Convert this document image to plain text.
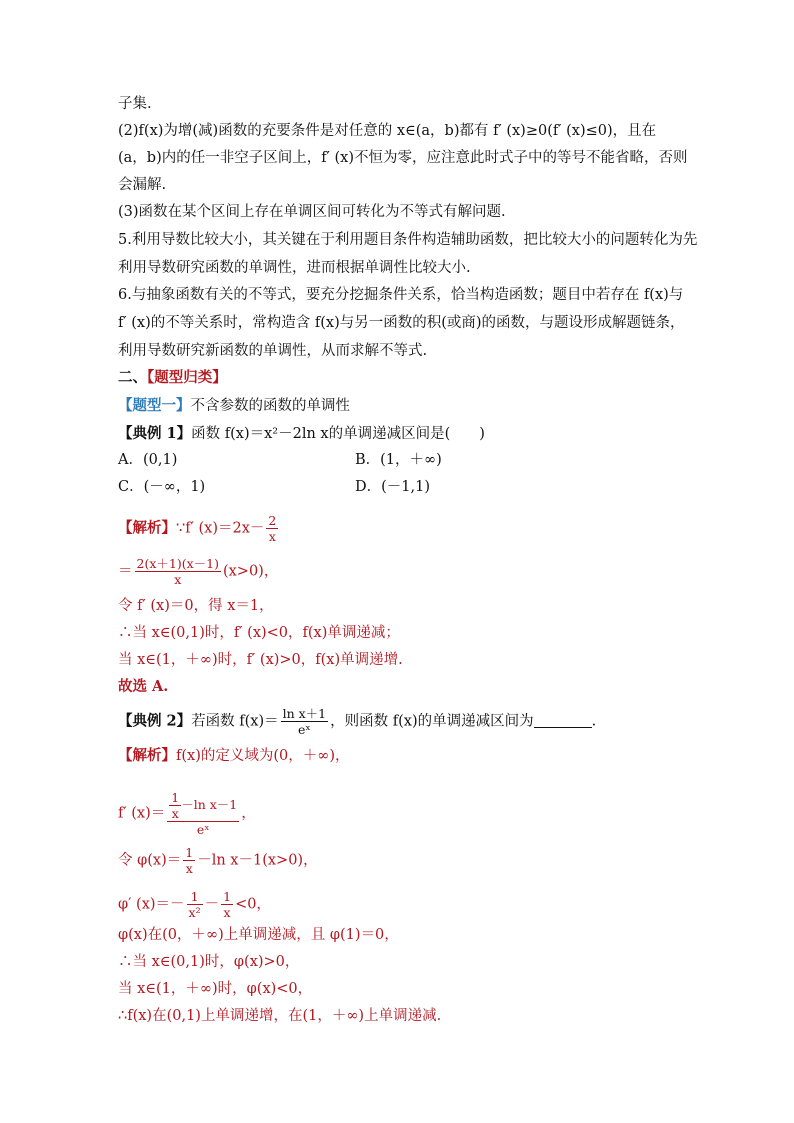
子集.
(2)f(x)为增(减)函数的充要条件是对任意的 x∈(a，b)都有 f′ (x)≥0(f′ (x)≤0)，且在
(a，b)内的任一非空子区间上，f′ (x)不恒为零，应注意此时式子中的等号不能省略，否则
会漏解.
(3)函数在某个区间上存在单调区间可转化为不等式有解问题.
5.利用导数比较大小，其关键在于利用题目条件构造辅助函数，把比较大小的问题转化为先
利用导数研究函数的单调性，进而根据单调性比较大小.
6.与抽象函数有关的不等式，要充分挖掘条件关系，恰当构造函数；题目中若存在 f(x)与
f′ (x)的不等关系时，常构造含 f(x)与另一函数的积(或商)的函数，与题设形成解题链条，
利用导数研究新函数的单调性，从而求解不等式.
二、【题型归类】
【题型一】不含参数的函数的单调性
【典例 1】函数 f(x)＝x²－2ln x的单调递减区间是(　　)
A．(0,1)	B．(1，＋∞)
C．(－∞，1)	D．(－1,1)
【解析】∵f′ $(x)=2x- \frac{2}{x}$
＝ $\frac{2(x+1)(x-1)}{x} (x>0)$，
令 f′ (x)＝0，得 x＝1，
∴当 x∈(0,1)时，f′ (x)<0，f(x)单调递减；
当 x∈(1，＋∞)时，f′ (x)>0，f(x)单调递增.
故选 A.
【典例 2】若函数 $f(x)= \frac{\text{ln x＋1}}{\text{eˣ}}$ ，则函数 f(x)的单调递减区间为	.
【解析】f(x)的定义域为(0，＋∞)，
f′ $(x)= \frac{\frac{1}{x} -\ln x-1}{\text{eˣ}}$ ，
令 $\varphi(x)= \frac{1}{x} -\ln$ x－1(x>0)，
φ′ $(x)=- \frac{1}{\text{x²}} - \frac{1}{x} <0$，
φ(x)在(0，＋∞)上单调递减，且 φ(1)＝0，
∴当 x∈(0,1)时，φ(x)>0，
当 x∈(1，＋∞)时，φ(x)<0，
∴f(x)在(0,1)上单调递增，在(1，＋∞)上单调递减.
